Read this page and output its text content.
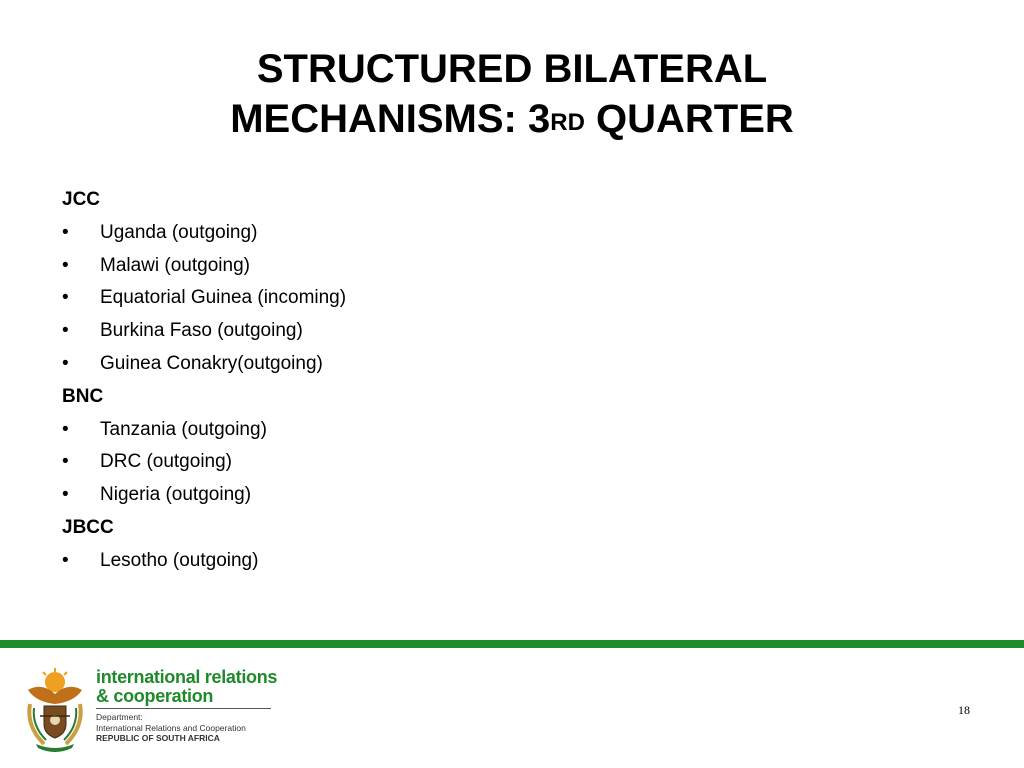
STRUCTURED BILATERAL
MECHANISMS: 3RD QUARTER
JCC
• Uganda (outgoing)
• Malawi (outgoing)
• Equatorial Guinea (incoming)
• Burkina Faso (outgoing)
• Guinea Conakry(outgoing)
BNC
• Tanzania (outgoing)
• DRC (outgoing)
• Nigeria (outgoing)
JBCC
• Lesotho (outgoing)
international relations
& cooperation
Department:
International Relations and Cooperation
REPUBLIC OF SOUTH AFRICA
18
